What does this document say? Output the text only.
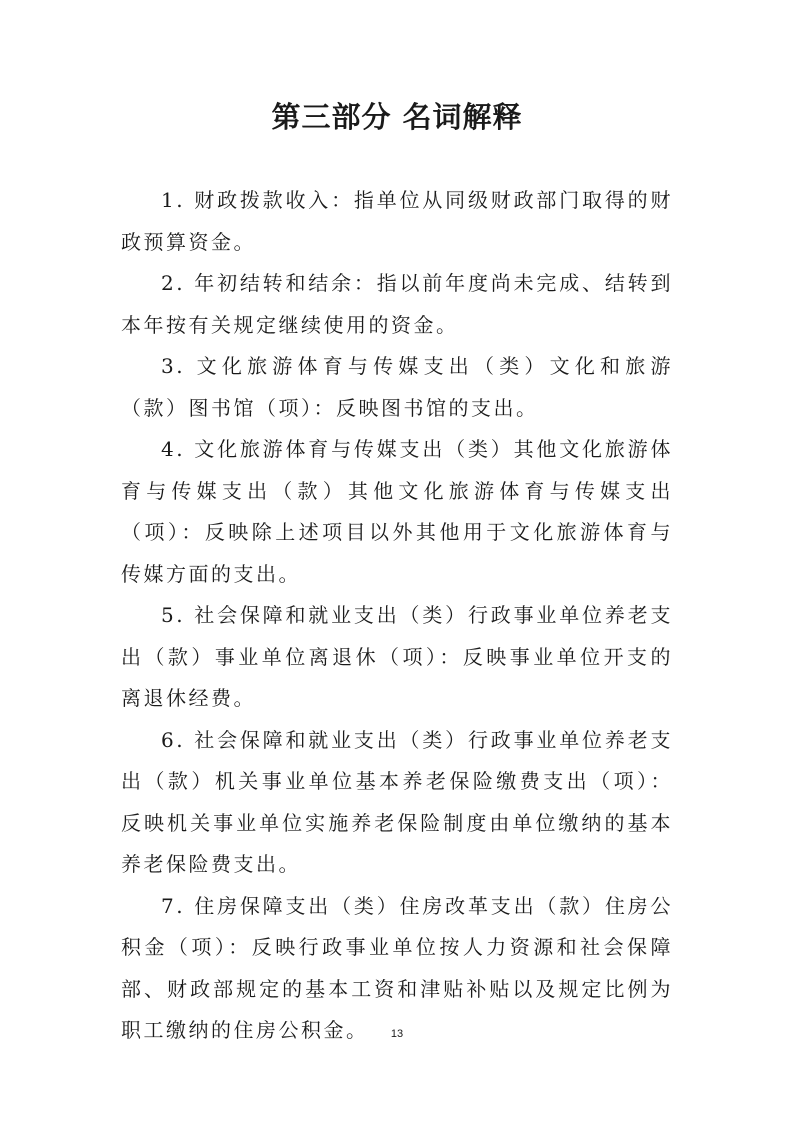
第三部分 名词解释

1. 财政拨款收入：指单位从同级财政部门取得的财政预算资金。

2. 年初结转和结余：指以前年度尚未完成、结转到本年按有关规定继续使用的资金。

3. 文化旅游体育与传媒支出（类）文化和旅游（款）图书馆（项）：反映图书馆的支出。

4. 文化旅游体育与传媒支出（类）其他文化旅游体育与传媒支出（款）其他文化旅游体育与传媒支出（项）：反映除上述项目以外其他用于文化旅游体育与传媒方面的支出。

5. 社会保障和就业支出（类）行政事业单位养老支出（款）事业单位离退休（项）：反映事业单位开支的离退休经费。

6. 社会保障和就业支出（类）行政事业单位养老支出（款）机关事业单位基本养老保险缴费支出（项）：反映机关事业单位实施养老保险制度由单位缴纳的基本养老保险费支出。

7. 住房保障支出（类）住房改革支出（款）住房公积金（项）：反映行政事业单位按人力资源和社会保障部、财政部规定的基本工资和津贴补贴以及规定比例为职工缴纳的住房公积金。	13
